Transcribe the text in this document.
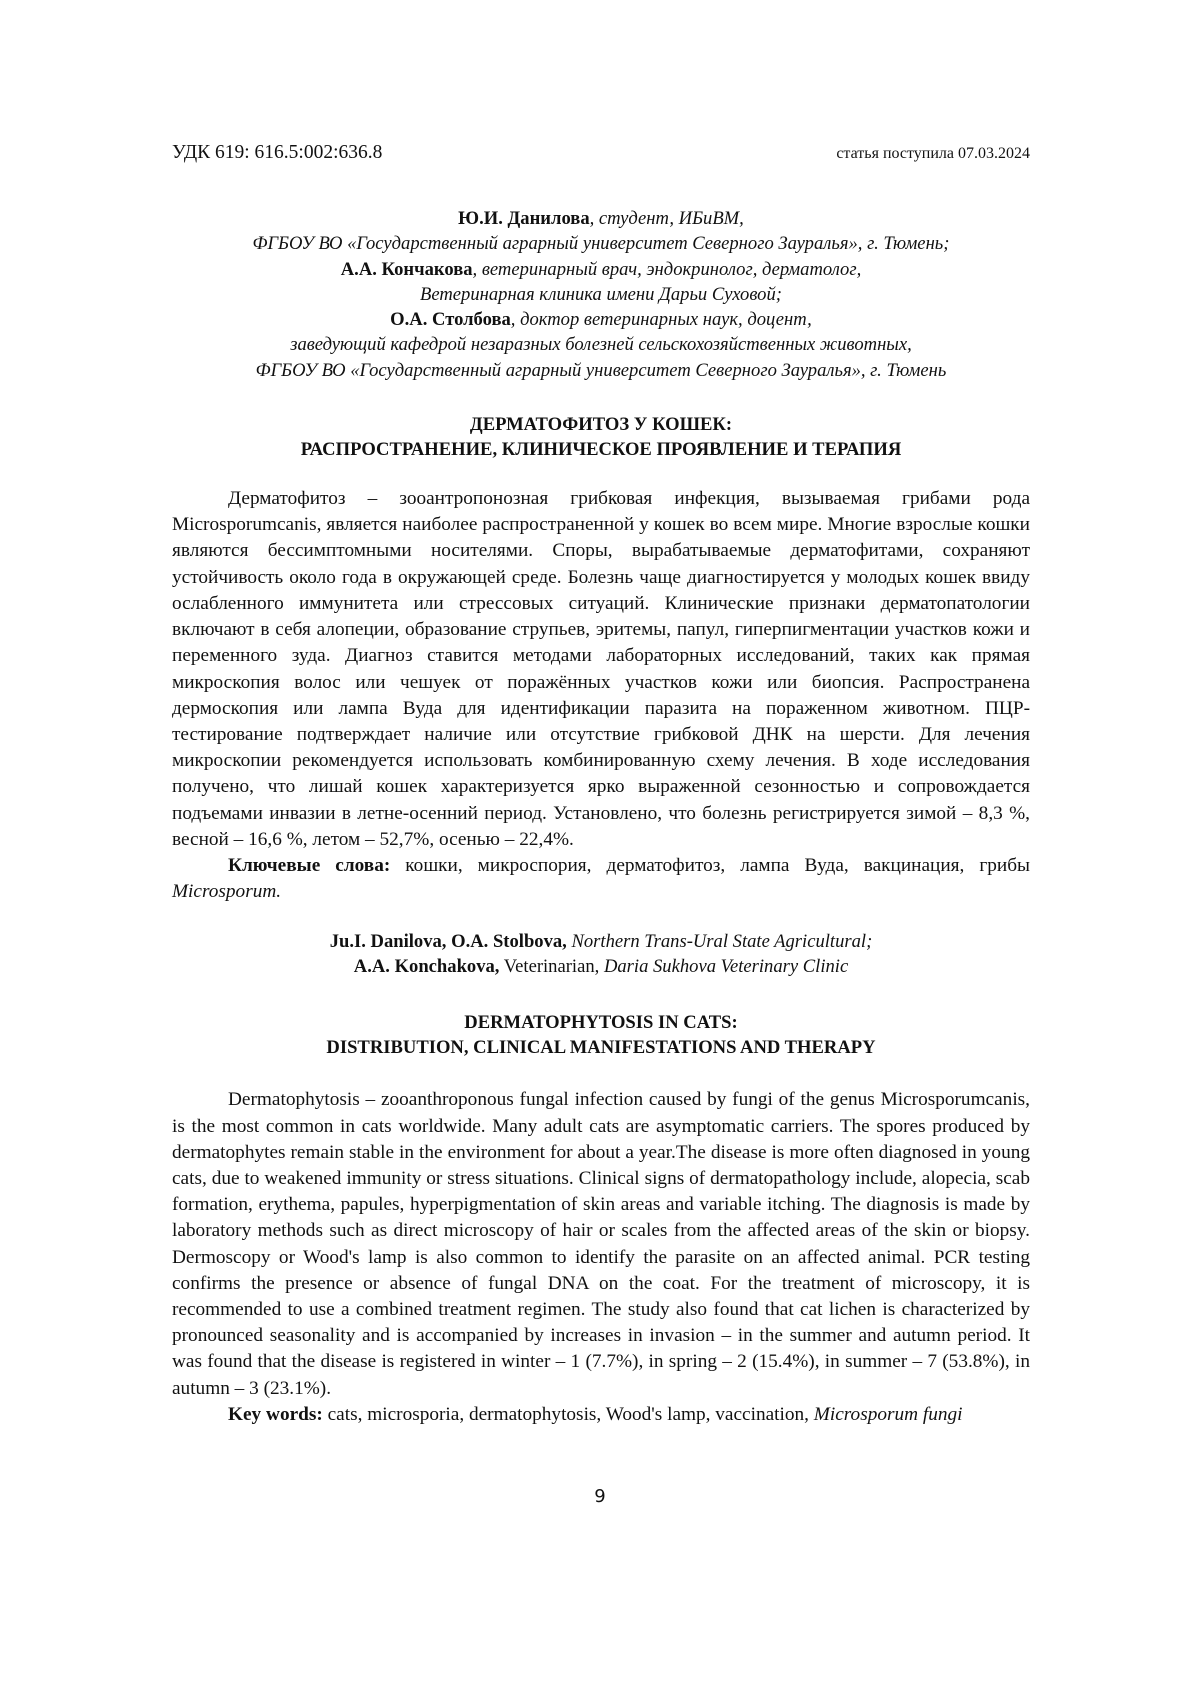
УДК 619: 616.5:002:636.8	статья поступила 07.03.2024
Ю.И. Данилова, студент, ИБиВМ,
ФГБОУ ВО «Государственный аграрный университет Северного Зауралья», г. Тюмень;
А.А. Кончакова, ветеринарный врач, эндокринолог, дерматолог,
Ветеринарная клиника имени Дарьи Суховой;
О.А. Столбова, доктор ветеринарных наук, доцент,
заведующий кафедрой незаразных болезней сельскохозяйственных животных,
ФГБОУ ВО «Государственный аграрный университет Северного Зауралья», г. Тюмень
ДЕРМАТОФИТОЗ У КОШЕК:
РАСПРОСТРАНЕНИЕ, КЛИНИЧЕСКОЕ ПРОЯВЛЕНИЕ И ТЕРАПИЯ

Дерматофитоз – зооантропонозная грибковая инфекция, вызываемая грибами рода Microsporumcanis, является наиболее распространенной у кошек во всем мире. Многие взрослые кошки являются бессимптомными носителями. Споры, вырабатываемые дерматофитами, сохраняют устойчивость около года в окружающей среде. Болезнь чаще диагностируется у молодых кошек ввиду ослабленного иммунитета или стрессовых ситуаций. Клинические признаки дерматопатологии включают в себя алопеции, образование струпьев, эритемы, папул, гиперпигментации участков кожи и переменного зуда. Диагноз ставится методами лабораторных исследований, таких как прямая микроскопия волос или чешуек от поражённых участков кожи или биопсия. Распространена дермоскопия или лампа Вуда для идентификации паразита на пораженном животном. ПЦР-тестирование подтверждает наличие или отсутствие грибковой ДНК на шерсти. Для лечения микроскопии рекомендуется использовать комбинированную схему лечения. В ходе исследования получено, что лишай кошек характеризуется ярко выраженной сезонностью и сопровождается подъемами инвазии в летне-осенний период. Установлено, что болезнь регистрируется зимой – 8,3 %, весной – 16,6 %, летом – 52,7%, осенью – 22,4%.

Ключевые слова: кошки, микроспория, дерматофитоз, лампа Вуда, вакцинация, грибы Microsporum.

Ju.I. Danilova, O.A. Stolbova, Northern Trans-Ural State Agricultural;
A.A. Konchakova, Veterinarian, Daria Sukhova Veterinary Clinic
DERMATOPHYTOSIS IN CATS:
DISTRIBUTION, CLINICAL MANIFESTATIONS AND THERAPY

Dermatophytosis – zooanthroponous fungal infection caused by fungi of the genus Microsporumcanis, is the most common in cats worldwide. Many adult cats are asymptomatic carriers. The spores produced by dermatophytes remain stable in the environment for about a year.The disease is more often diagnosed in young cats, due to weakened immunity or stress situations. Clinical signs of dermatopathology include, alopecia, scab formation, erythema, papules, hyperpigmentation of skin areas and variable itching. The diagnosis is made by laboratory methods such as direct microscopy of hair or scales from the affected areas of the skin or biopsy. Dermoscopy or Wood's lamp is also common to identify the parasite on an affected animal. PCR testing confirms the presence or absence of fungal DNA on the coat. For the treatment of microscopy, it is recommended to use a combined treatment regimen. The study also found that cat lichen is characterized by pronounced seasonality and is accompanied by increases in invasion – in the summer and autumn period. It was found that the disease is registered in winter – 1 (7.7%), in spring – 2 (15.4%), in summer – 7 (53.8%), in autumn – 3 (23.1%).

Key words: cats, microsporia, dermatophytosis, Wood's lamp, vaccination, Microsporum fungi

9
